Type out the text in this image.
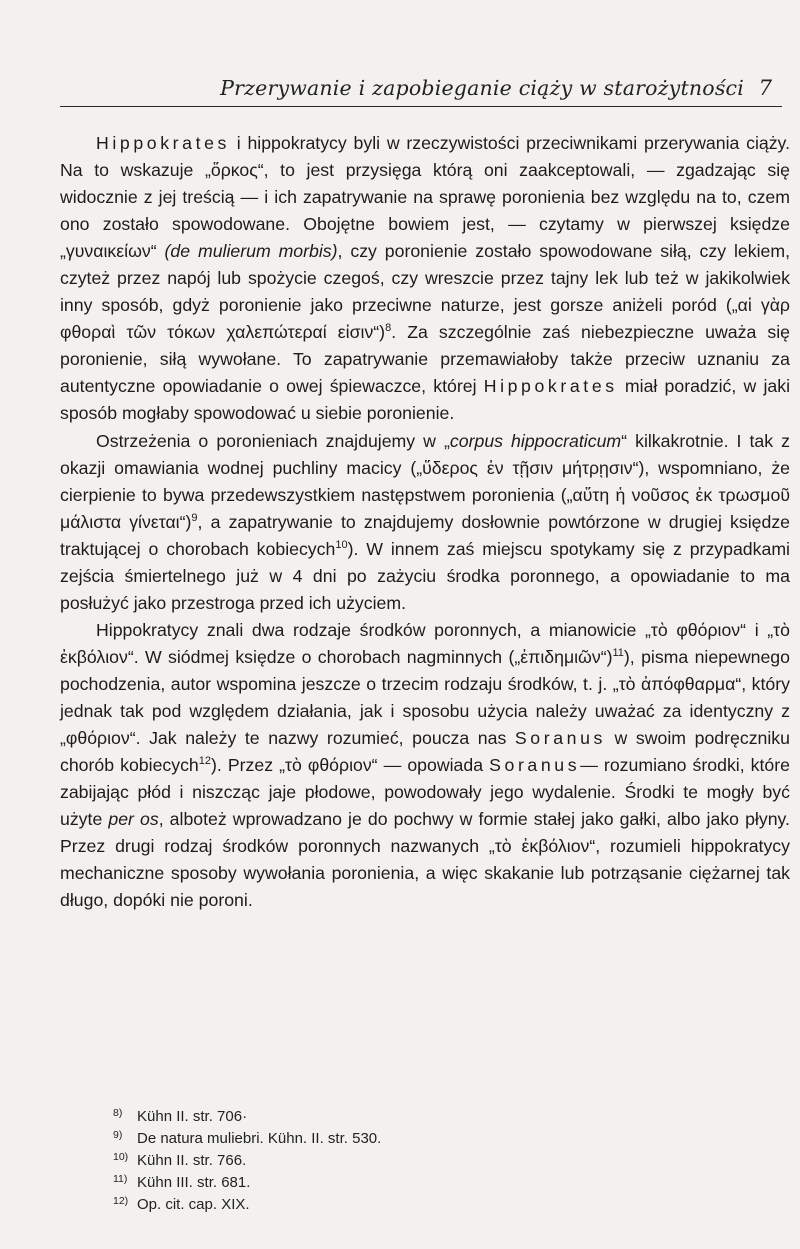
Przerywanie i zapobieganie ciąży w starożytności 7

Hippokrates i hippokratycy byli w rzeczywistości przeciwnikami przerywania ciąży. Na to wskazuje „ὅρκος“, to jest przysięga którą oni zaakceptowali, — zgadzając się widocznie z jej treścią — i ich zapatrywanie na sprawę poronienia bez względu na to, czem ono zostało spowodowane. Obojętne bowiem jest, — czytamy w pierwszej księdze „γυναικείων“ (de mulierum morbis), czy poronienie zostało spowodowane siłą, czy lekiem, czyteż przez napój lub spożycie czegoś, czy wreszcie przez tajny lek lub też w jakikolwiek inny sposób, gdyż poronienie jako przeciwne naturze, jest gorsze aniżeli poród („αἱ γὰρ φθοραὶ τῶν τόκων χαλεπώτεραί εἰσιν“)$^8$. Za szczególnie zaś niebezpieczne uważa się poronienie, siłą wywołane. To zapatrywanie przemawiałoby także przeciw uznaniu za autentyczne opowiadanie o owej śpiewaczce, której Hippokrates miał poradzić, w jaki sposób mogłaby spowodować u siebie poronienie.

Ostrzeżenia o poronieniach znajdujemy w „corpus hippocraticum“ kilkakrotnie. I tak z okazji omawiania wodnej puchliny macicy („ὕδερος ἐν τῇσιν μήτρῃσιν“), wspomniano, że cierpienie to bywa przedewszystkiem następstwem poronienia („αὕτη ἡ νοῦσος ἐκ τρωσμοῦ μάλιστα γίνεται“)$^9$, a zapatrywanie to znajdujemy dosłownie powtórzone w drugiej księdze traktującej o chorobach kobiecych$^{10}$). W innem zaś miejscu spotykamy się z przypadkami zejścia śmiertelnego już w 4 dni po zażyciu środka poronnego, a opowiadanie to ma posłużyć jako przestroga przed ich użyciem.

Hippokratycy znali dwa rodzaje środków poronnych, a mianowicie „τὸ φθόριον“ i „τὸ ἐκβόλιον“. W siódmej księdze o chorobach nagminnych („ἐπιδημιῶν“)$^{11}$), pisma niepewnego pochodzenia, autor wspomina jeszcze o trzecim rodzaju środków, t. j. „τὸ ἀπόφθαρμα“, który jednak tak pod względem działania, jak i sposobu użycia należy uważać za identyczny z „φθόριον“. Jak należy te nazwy rozumieć, poucza nas Soranus w swoim podręczniku chorób kobiecych$^{12}$). Przez „τὸ φθόριον“ — opowiada Soranus— rozumiano środki, które zabijając płód i niszcząc jaje płodowe, powodowały jego wydalenie. Środki te mogły być użyte per os, alboteż wprowadzano je do pochwy w formie stałej jako gałki, albo jako płyny. Przez drugi rodzaj środków poronnych nazwanych „τὸ ἐκβόλιον“, rozumieli hippokratycy mechaniczne sposoby wywołania poronienia, a więc skakanie lub potrząsanie ciężarnej tak długo, dopóki nie poroni.

8) Kühn II. str. 706·
9) De natura muliebri. Kühn. II. str. 530.
10) Kühn II. str. 766.
11) Kühn III. str. 681.
12) Op. cit. cap. XIX.
